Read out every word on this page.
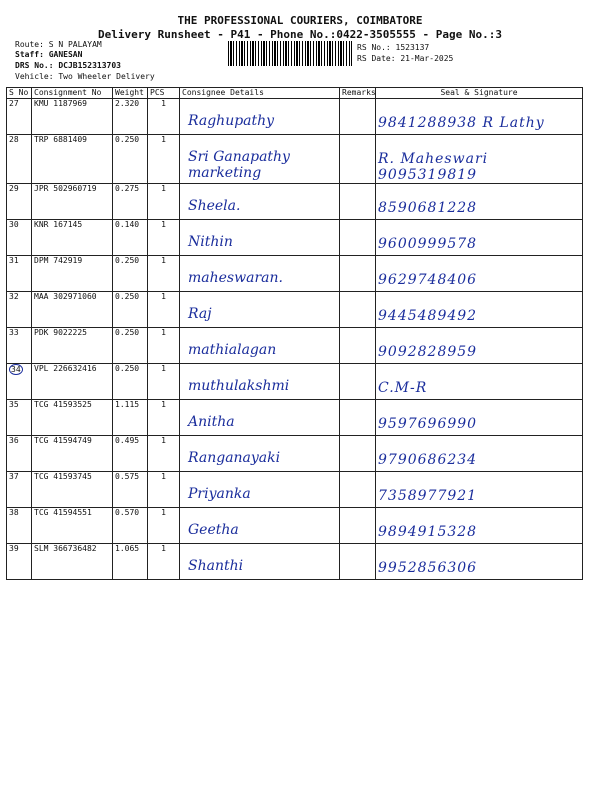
THE PROFESSIONAL COURIERS, COIMBATORE
Delivery Runsheet - P41 - Phone No.:0422-3505555 - Page No.:3
Route: S N PALAYAM
Staff: GANESAN
DRS No.: DCJB152313703
Vehicle: Two Wheeler Delivery
RS No.: 1523137
RS Date: 21-Mar-2025
S No	Consignment No	Weight	PCS	Consignee Details	Remarks	Seal & Signature
27	KMU 1187969	2.320	1	Raghupathy		9841288938 R Lathy

28	TRP 6881409	0.250	1	Sri Ganapathy marketing		R. Maheswari 9095319819

29	JPR 502960719	0.275	1	Sheela.		8590681228

30	KNR 167145	0.140	1	Nithin		9600999578

31	DPM 742919	0.250	1	maheswaran.		9629748406

32	MAA 302971060	0.250	1	Raj		9445489492

33	PDK 9022225	0.250	1	mathialagan		9092828959

34	VPL 226632416	0.250	1	muthulakshmi		C.M-R

35	TCG 41593525	1.115	1	Anitha		9597696990

36	TCG 41594749	0.495	1	Ranganayaki		9790686234

37	TCG 41593745	0.575	1	Priyanka		7358977921

38	TCG 41594551	0.570	1	Geetha		9894915328

39	SLM 366736482	1.065	1	Shanthi		9952856306
